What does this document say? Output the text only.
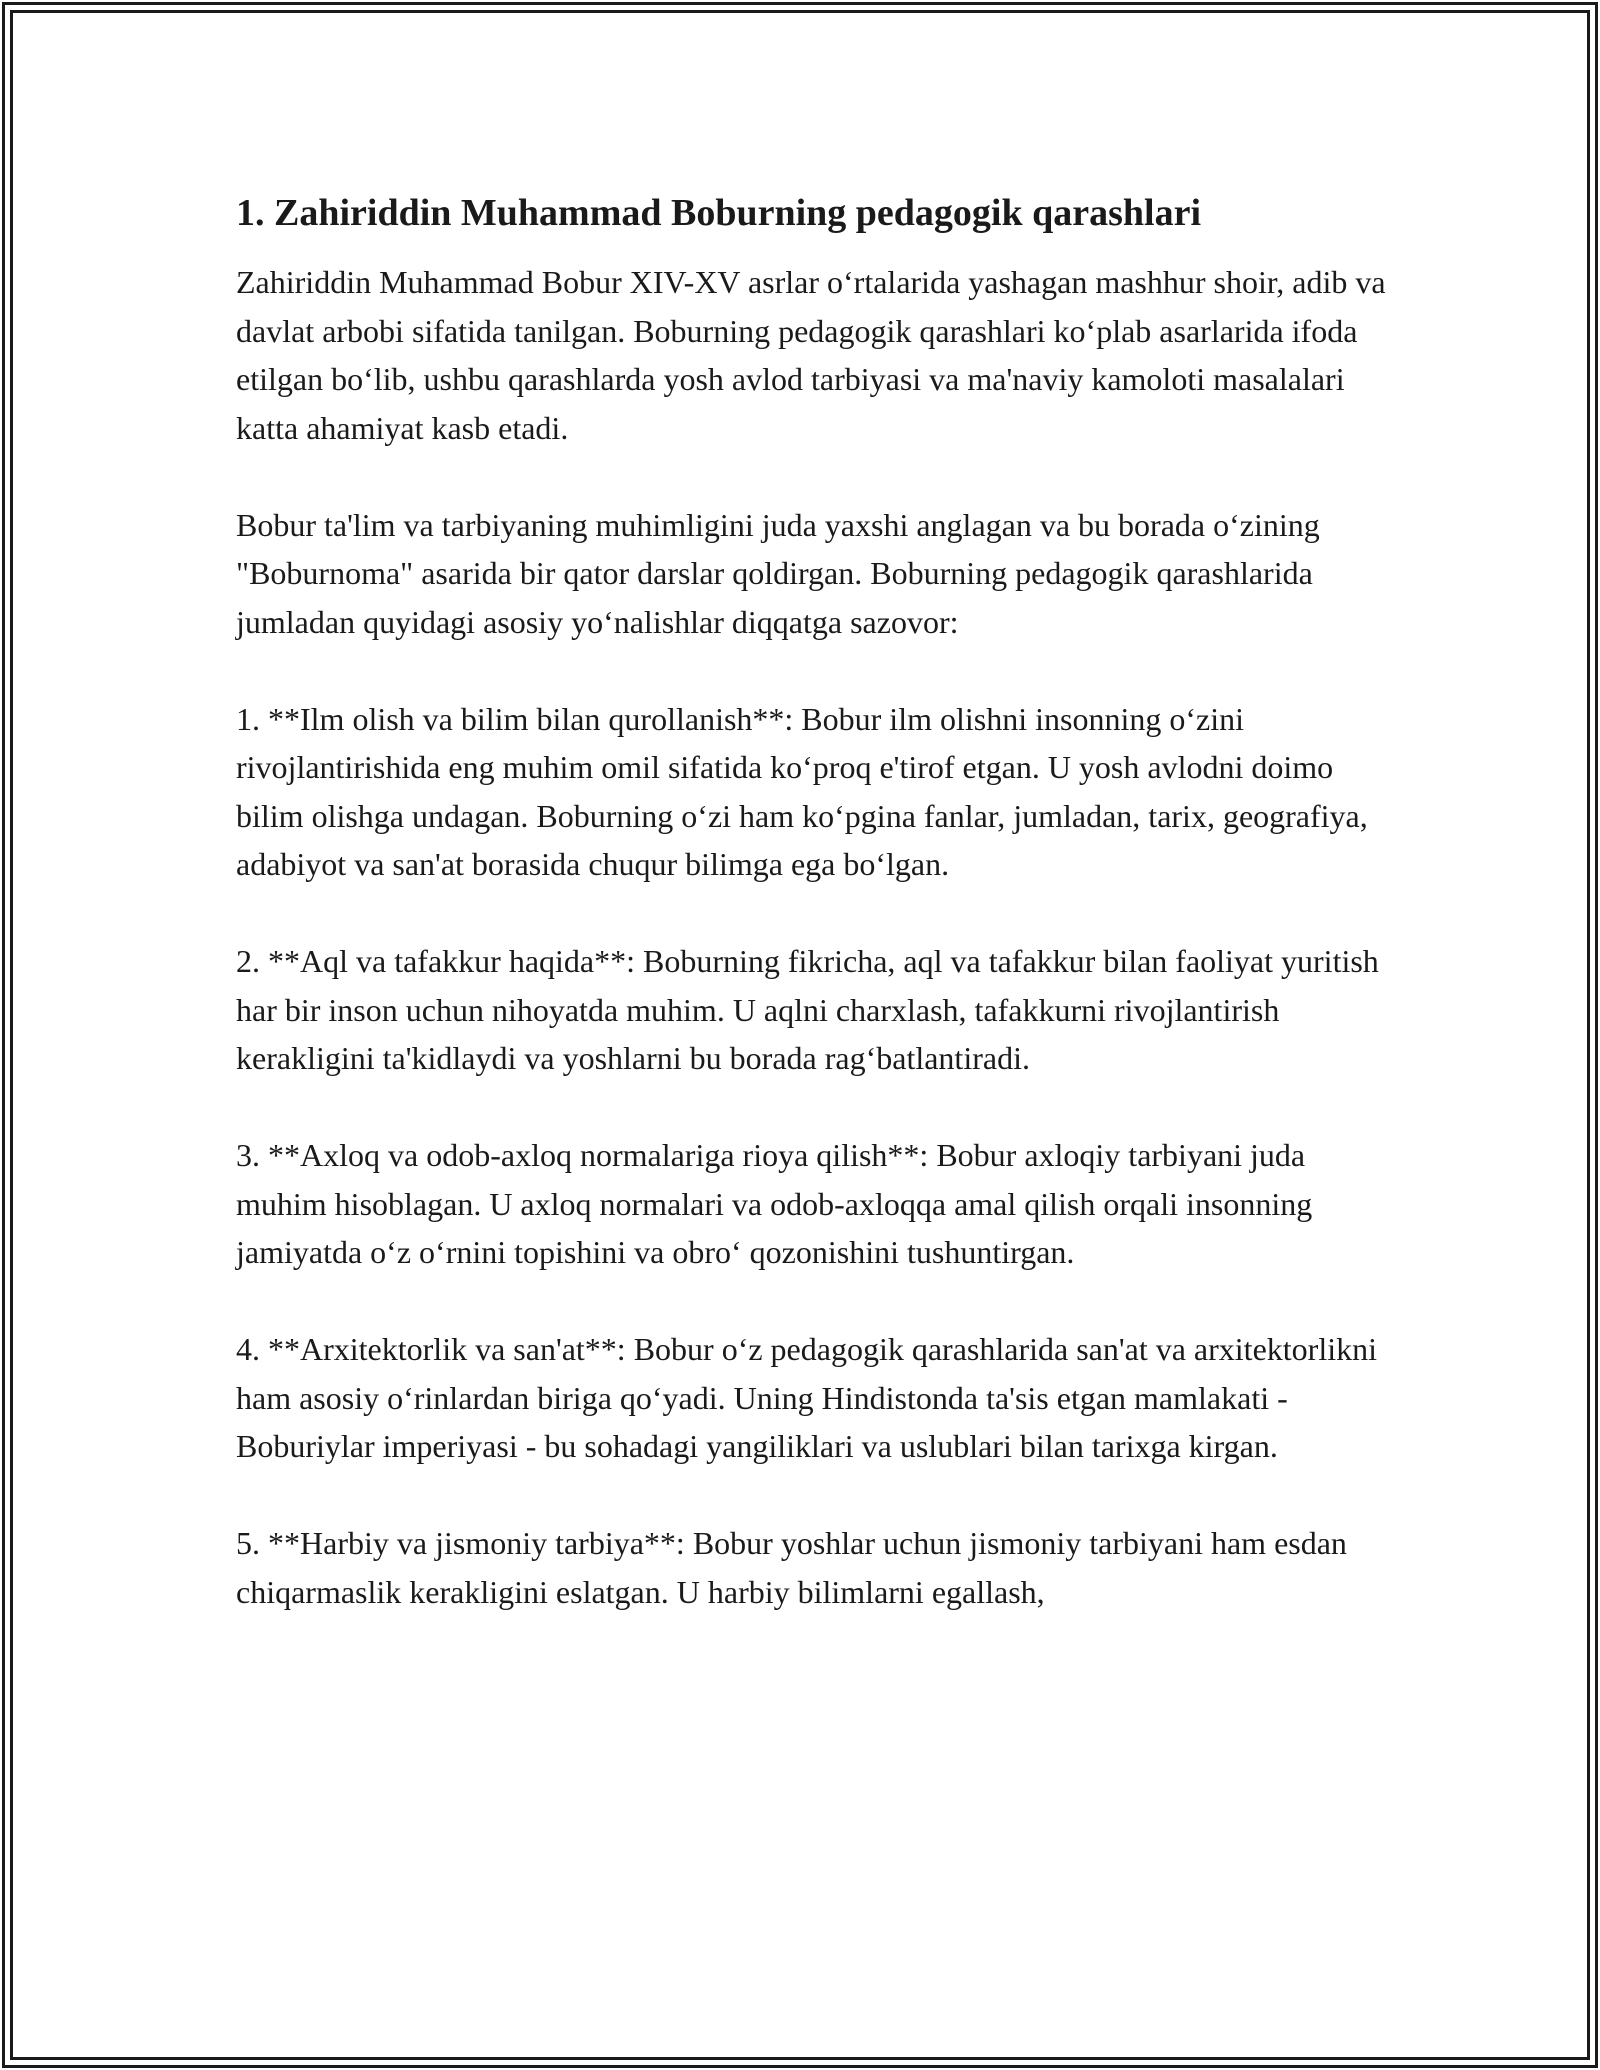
1. Zahiriddin Muhammad Boburning pedagogik qarashlari

Zahiriddin Muhammad Bobur XIV-XV asrlar o‘rtalarida yashagan mashhur shoir, adib va davlat arbobi sifatida tanilgan. Boburning pedagogik qarashlari ko‘plab asarlarida ifoda etilgan bo‘lib, ushbu qarashlarda yosh avlod tarbiyasi va ma'naviy kamoloti masalalari katta ahamiyat kasb etadi.

Bobur ta'lim va tarbiyaning muhimligini juda yaxshi anglagan va bu borada o‘zining "Boburnoma" asarida bir qator darslar qoldirgan. Boburning pedagogik qarashlarida jumladan quyidagi asosiy yo‘nalishlar diqqatga sazovor:

1. **Ilm olish va bilim bilan qurollanish**: Bobur ilm olishni insonning o‘zini rivojlantirishida eng muhim omil sifatida ko‘proq e'tirof etgan. U yosh avlodni doimo bilim olishga undagan. Boburning o‘zi ham ko‘pgina fanlar, jumladan, tarix, geografiya, adabiyot va san'at borasida chuqur bilimga ega bo‘lgan.

2. **Aql va tafakkur haqida**: Boburning fikricha, aql va tafakkur bilan faoliyat yuritish har bir inson uchun nihoyatda muhim. U aqlni charxlash, tafakkurni rivojlantirish kerakligini ta'kidlaydi va yoshlarni bu borada rag‘batlantiradi.

3. **Axloq va odob-axloq normalariga rioya qilish**: Bobur axloqiy tarbiyani juda muhim hisoblagan. U axloq normalari va odob-axloqqa amal qilish orqali insonning jamiyatda o‘z o‘rnini topishini va obro‘ qozonishini tushuntirgan.

4. **Arxitektorlik va san'at**: Bobur o‘z pedagogik qarashlarida san'at va arxitektorlikni ham asosiy o‘rinlardan biriga qo‘yadi. Uning Hindistonda ta'sis etgan mamlakati - Boburiylar imperiyasi - bu sohadagi yangiliklari va uslublari bilan tarixga kirgan.

5. **Harbiy va jismoniy tarbiya**: Bobur yoshlar uchun jismoniy tarbiyani ham esdan chiqarmaslik kerakligini eslatgan. U harbiy bilimlarni egallash,
